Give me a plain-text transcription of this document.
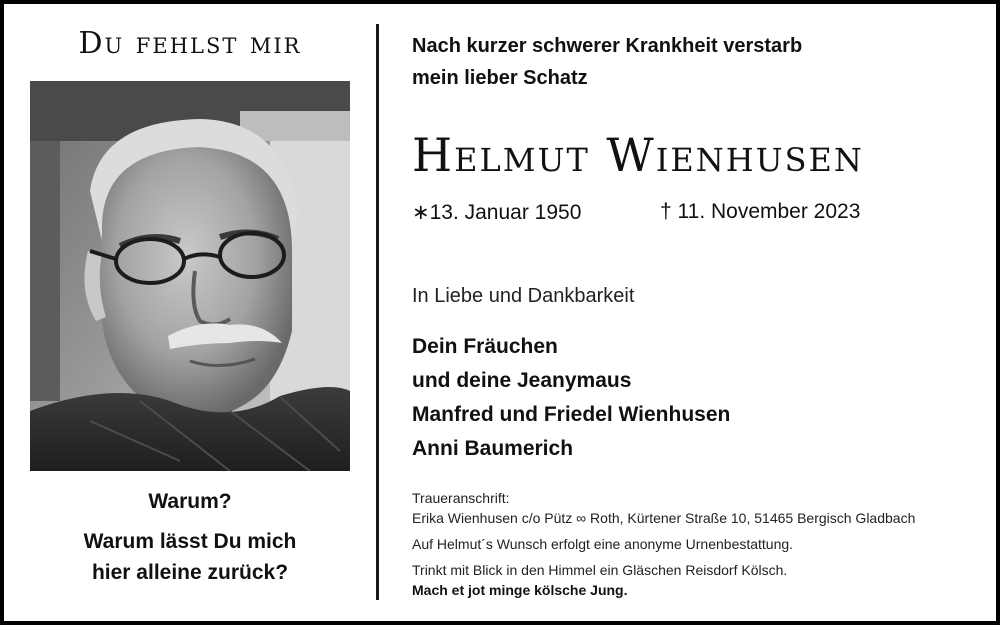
Du fehlst mir
Warum?
Warum lässt Du mich
hier alleine zurück?
Nach kurzer schwerer Krankheit verstarb
mein lieber Schatz
Helmut Wienhusen
∗13. Januar 1950	† 11. November 2023
In Liebe und Dankbarkeit
Dein Fräuchen
und deine Jeanymaus
Manfred und Friedel Wienhusen
Anni Baumerich
Traueranschrift:
Erika Wienhusen c/o Pütz ∞ Roth, Kürtener Straße 10, 51465 Bergisch Gladbach
Auf Helmut´s Wunsch erfolgt eine anonyme Urnenbestattung.
Trinkt mit Blick in den Himmel ein Gläschen Reisdorf Kölsch.
Mach et jot minge kölsche Jung.
